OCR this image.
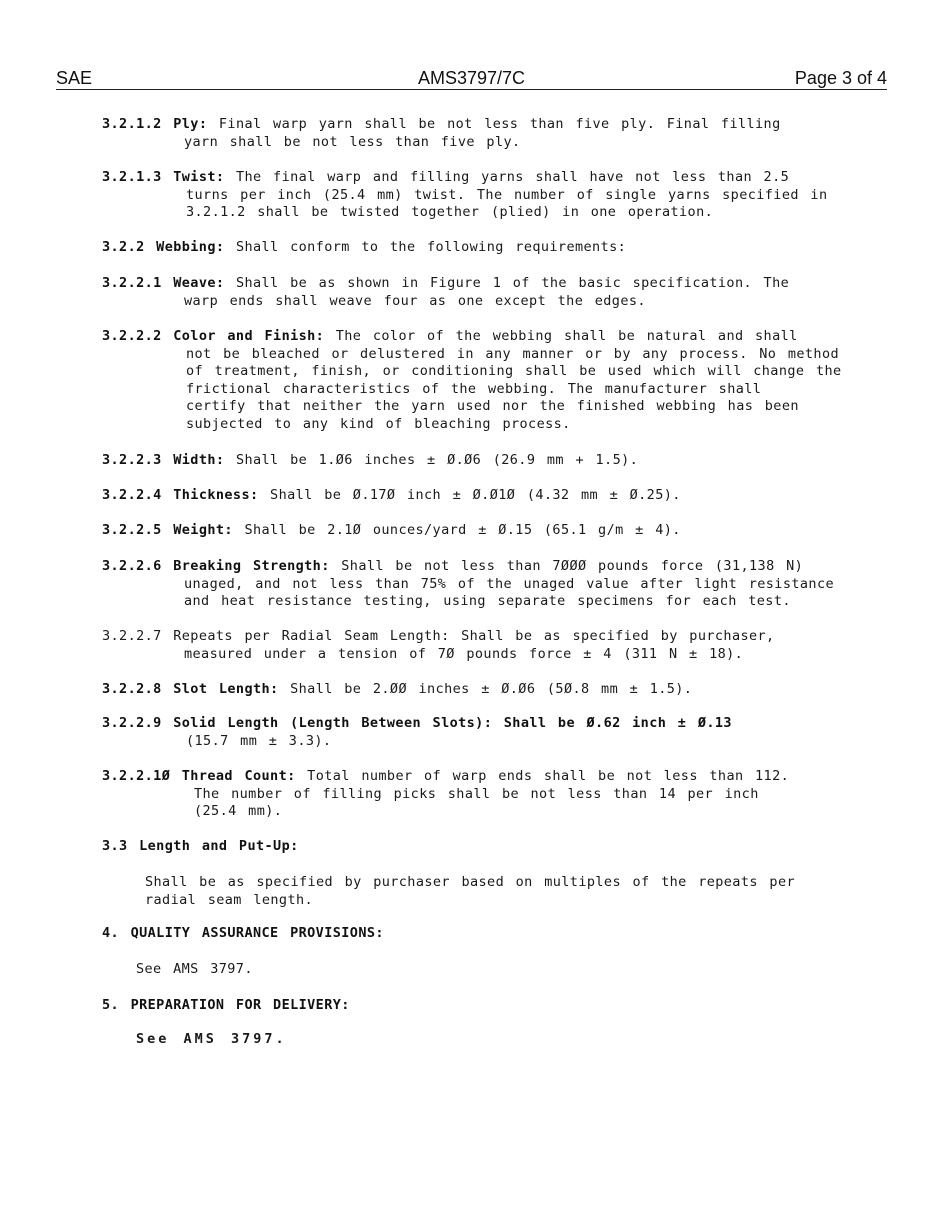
SAE	AMS3797/7C	Page 3 of 4
3.2.1.2 Ply: Final warp yarn shall be not less than five ply. Final filling
yarn shall be not less than five ply.
3.2.1.3 Twist: The final warp and filling yarns shall have not less than 2.5
turns per inch (25.4 mm) twist. The number of single yarns specified in
3.2.1.2 shall be twisted together (plied) in one operation.
3.2.2 Webbing: Shall conform to the following requirements:
3.2.2.1 Weave: Shall be as shown in Figure 1 of the basic specification. The
warp ends shall weave four as one except the edges.
3.2.2.2 Color and Finish: The color of the webbing shall be natural and shall
not be bleached or delustered in any manner or by any process. No method
of treatment, finish, or conditioning shall be used which will change the
frictional characteristics of the webbing. The manufacturer shall
certify that neither the yarn used nor the finished webbing has been
subjected to any kind of bleaching process.
3.2.2.3 Width: Shall be 1.Ø6 inches ± Ø.Ø6 (26.9 mm + 1.5).
3.2.2.4 Thickness: Shall be Ø.17Ø inch ± Ø.Ø1Ø (4.32 mm ± Ø.25).
3.2.2.5 Weight: Shall be 2.1Ø ounces/yard ± Ø.15 (65.1 g/m ± 4).
3.2.2.6 Breaking Strength: Shall be not less than 7ØØØ pounds force (31,138 N)
unaged, and not less than 75% of the unaged value after light resistance
and heat resistance testing, using separate specimens for each test.
3.2.2.7 Repeats per Radial Seam Length: Shall be as specified by purchaser,
measured under a tension of 7Ø pounds force ± 4 (311 N ± 18).
3.2.2.8 Slot Length: Shall be 2.ØØ inches ± Ø.Ø6 (5Ø.8 mm ± 1.5).
3.2.2.9 Solid Length (Length Between Slots): Shall be Ø.62 inch ± Ø.13
(15.7 mm ± 3.3).
3.2.2.1Ø Thread Count: Total number of warp ends shall be not less than 112.
The number of filling picks shall be not less than 14 per inch
(25.4 mm).
3.3 Length and Put-Up:
Shall be as specified by purchaser based on multiples of the repeats per
radial seam length.
4. QUALITY ASSURANCE PROVISIONS:
See AMS 3797.
5. PREPARATION FOR DELIVERY:
See AMS 3797.
